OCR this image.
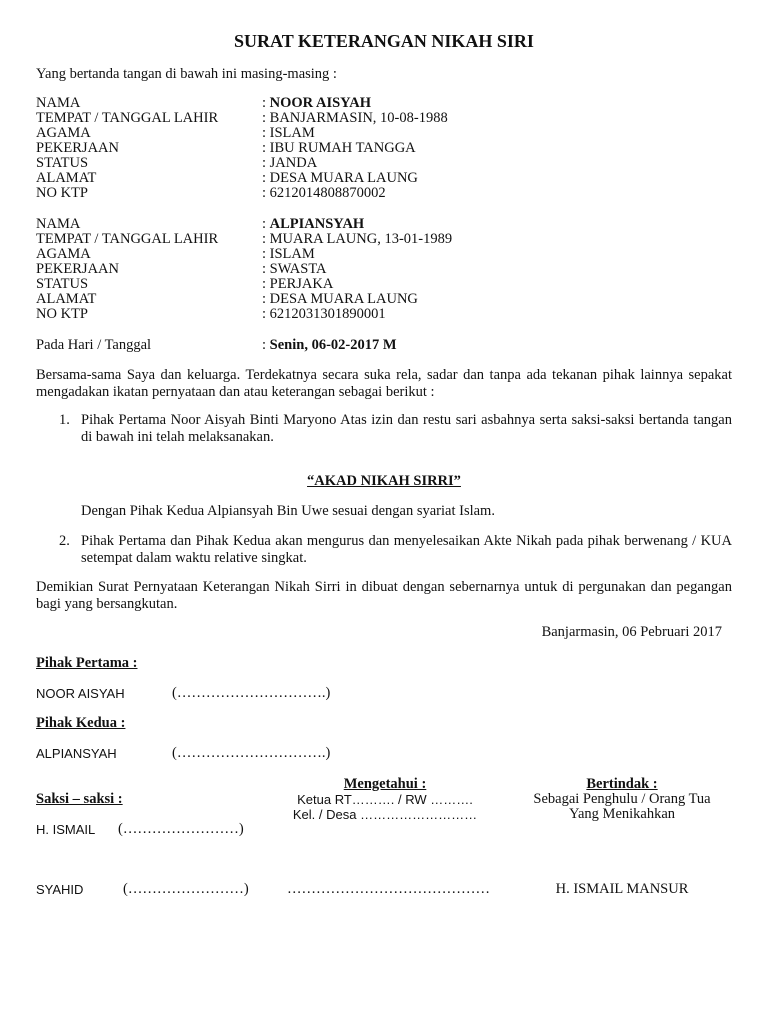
SURAT KETERANGAN NIKAH SIRI
Yang bertanda tangan di bawah ini masing-masing :
NAMA	: NOOR AISYAH
TEMPAT / TANGGAL LAHIR	: BANJARMASIN, 10-08-1988
AGAMA	: ISLAM
PEKERJAAN	: IBU RUMAH TANGGA
STATUS	: JANDA
ALAMAT	: DESA MUARA LAUNG
NO KTP	: 6212014808870002
NAMA	: ALPIANSYAH
TEMPAT / TANGGAL LAHIR	: MUARA LAUNG, 13-01-1989
AGAMA	: ISLAM
PEKERJAAN	: SWASTA
STATUS	: PERJAKA
ALAMAT	: DESA MUARA LAUNG
NO KTP	: 6212031301890001
Pada Hari / Tanggal	: Senin, 06-02-2017 M
Bersama-sama Saya dan keluarga. Terdekatnya secara suka rela, sadar dan tanpa ada tekanan pihak lainnya sepakat mengadakan ikatan pernyataan dan atau keterangan sebagai berikut :
1. Pihak Pertama Noor Aisyah Binti Maryono Atas izin dan restu sari asbahnya serta saksi-saksi bertanda tangan di bawah ini telah melaksanakan.
“AKAD NIKAH SIRRI”
Dengan Pihak Kedua Alpiansyah Bin Uwe sesuai dengan syariat Islam.
2. Pihak Pertama dan Pihak Kedua akan mengurus dan menyelesaikan Akte Nikah pada pihak berwenang / KUA setempat dalam waktu relative singkat.
Demikian Surat Pernyataan Keterangan Nikah Sirri in dibuat dengan sebernarnya untuk di pergunakan dan pegangan bagi yang bersangkutan.
Banjarmasin, 06 Pebruari 2017
Pihak Pertama :
NOOR AISYAH	(………………………….)
Pihak Kedua :
ALPIANSYAH	(………………………….)
Mengetahui :
Ketua RT………. / RW ……….
Kel. / Desa ………………………
Bertindak :
Sebagai Penghulu / Orang Tua
Yang Menikahkan
Saksi – saksi :
H. ISMAIL (……………………)
SYAHID	(……………………)	……………………………………	H. ISMAIL MANSUR
